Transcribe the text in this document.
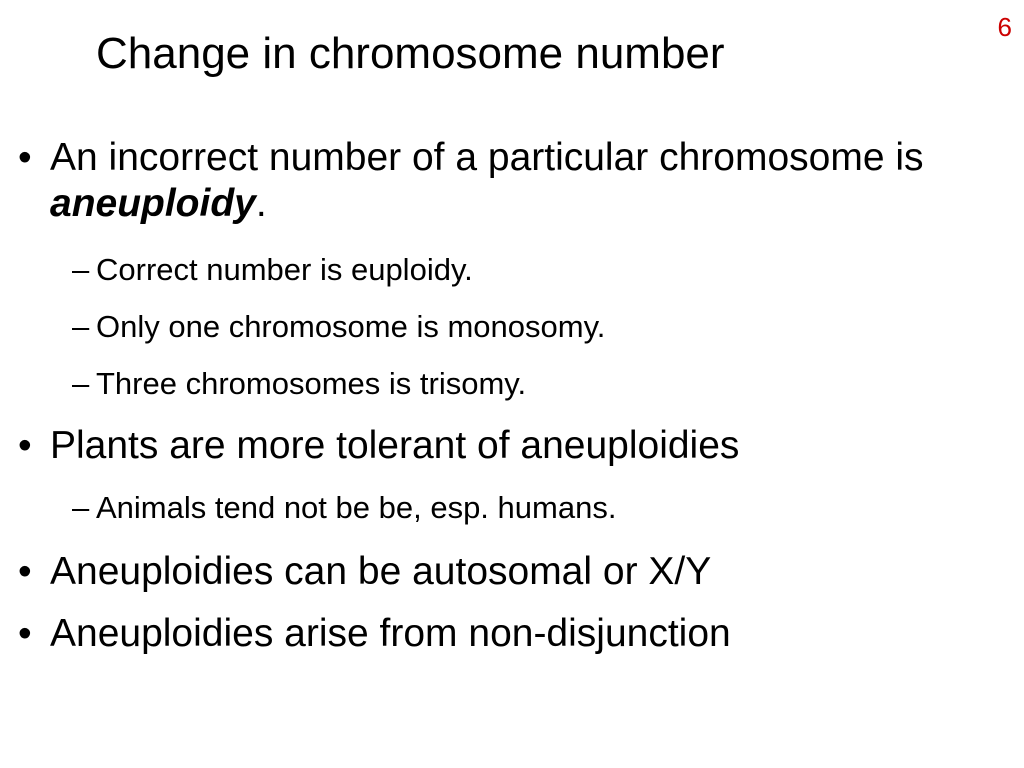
6
Change in chromosome number
• An incorrect number of a particular chromosome is aneuploidy.
– Correct number is euploidy.
– Only one chromosome is monosomy.
– Three chromosomes is trisomy.
• Plants are more tolerant of aneuploidies
– Animals tend not be be, esp. humans.
• Aneuploidies can be autosomal or X/Y
• Aneuploidies arise from non-disjunction
